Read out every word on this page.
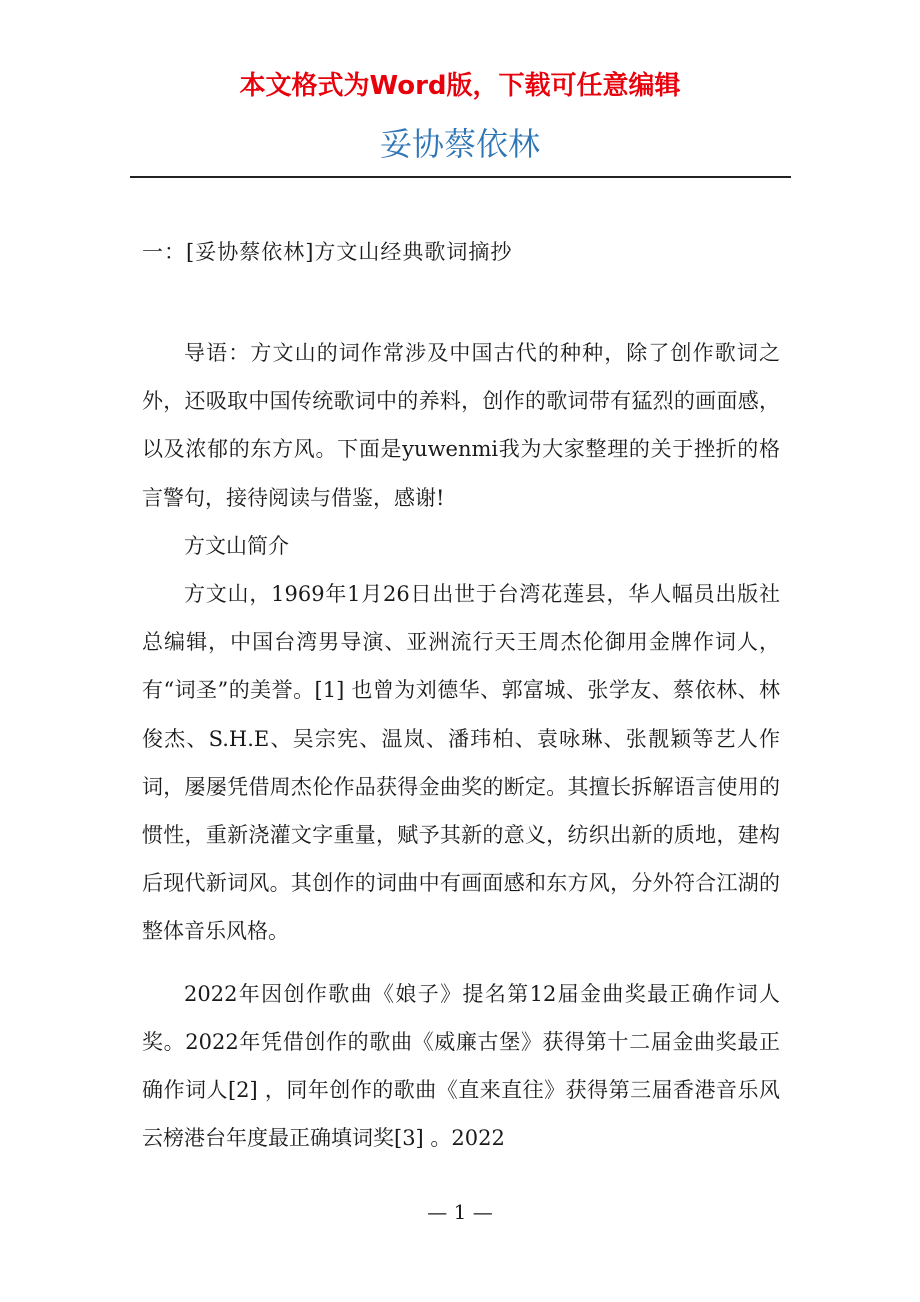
本文格式为Word版，下载可任意编辑
妥协蔡依林
一：[妥协蔡依林]方文山经典歌词摘抄

导语：方文山的词作常涉及中国古代的种种，除了创作歌词之外，还吸取中国传统歌词中的养料，创作的歌词带有猛烈的画面感，以及浓郁的东方风。下面是yuwenmi我为大家整理的关于挫折的格言警句，接待阅读与借鉴，感谢!

方文山简介

方文山，1969年1月26日出世于台湾花莲县，华人幅员出版社总编辑，中国台湾男导演、亚洲流行天王周杰伦御用金牌作词人，有“词圣”的美誉。[1] 也曾为刘德华、郭富城、张学友、蔡依林、林俊杰、S.H.E、吴宗宪、温岚、潘玮柏、袁咏琳、张靓颖等艺人作词，屡屡凭借周杰伦作品获得金曲奖的断定。其擅长拆解语言使用的惯性，重新浇灌文字重量，赋予其新的意义，纺织出新的质地，建构后现代新词风。其创作的词曲中有画面感和东方风，分外符合江湖的整体音乐风格。

2022年因创作歌曲《娘子》提名第12届金曲奖最正确作词人奖。2022年凭借创作的歌曲《威廉古堡》获得第十二届金曲奖最正确作词人[2] ，同年创作的歌曲《直来直往》获得第三届香港音乐风云榜港台年度最正确填词奖[3] 。2022

— 1 —
